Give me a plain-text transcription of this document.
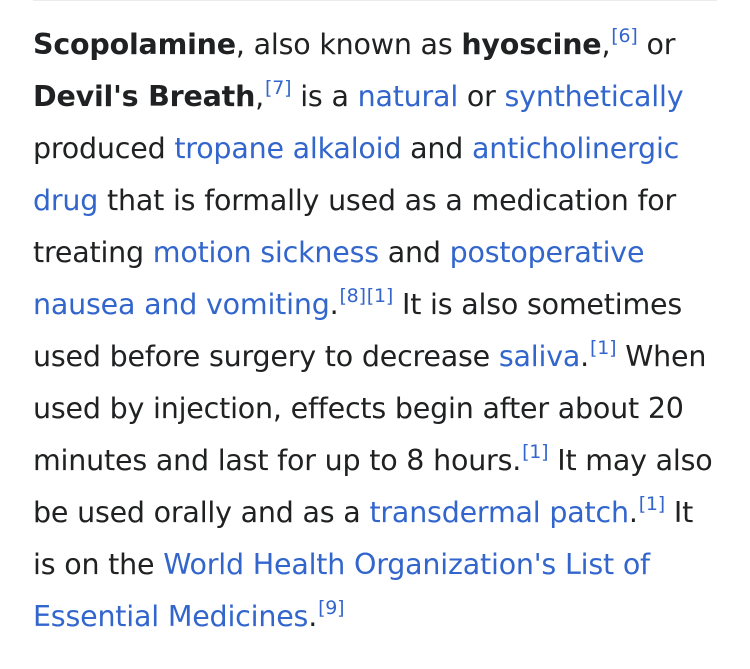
Scopolamine, also known as hyoscine,[6] or Devil's Breath,[7] is a natural or synthetically produced tropane alkaloid and anticholinergic drug that is formally used as a medication for treating motion sickness and postoperative nausea and vomiting.[8][1] It is also sometimes used before surgery to decrease saliva.[1] When used by injection, effects begin after about 20 minutes and last for up to 8 hours.[1] It may also be used orally and as a transdermal patch.[1] It is on the World Health Organization's List of Essential Medicines.[9]
